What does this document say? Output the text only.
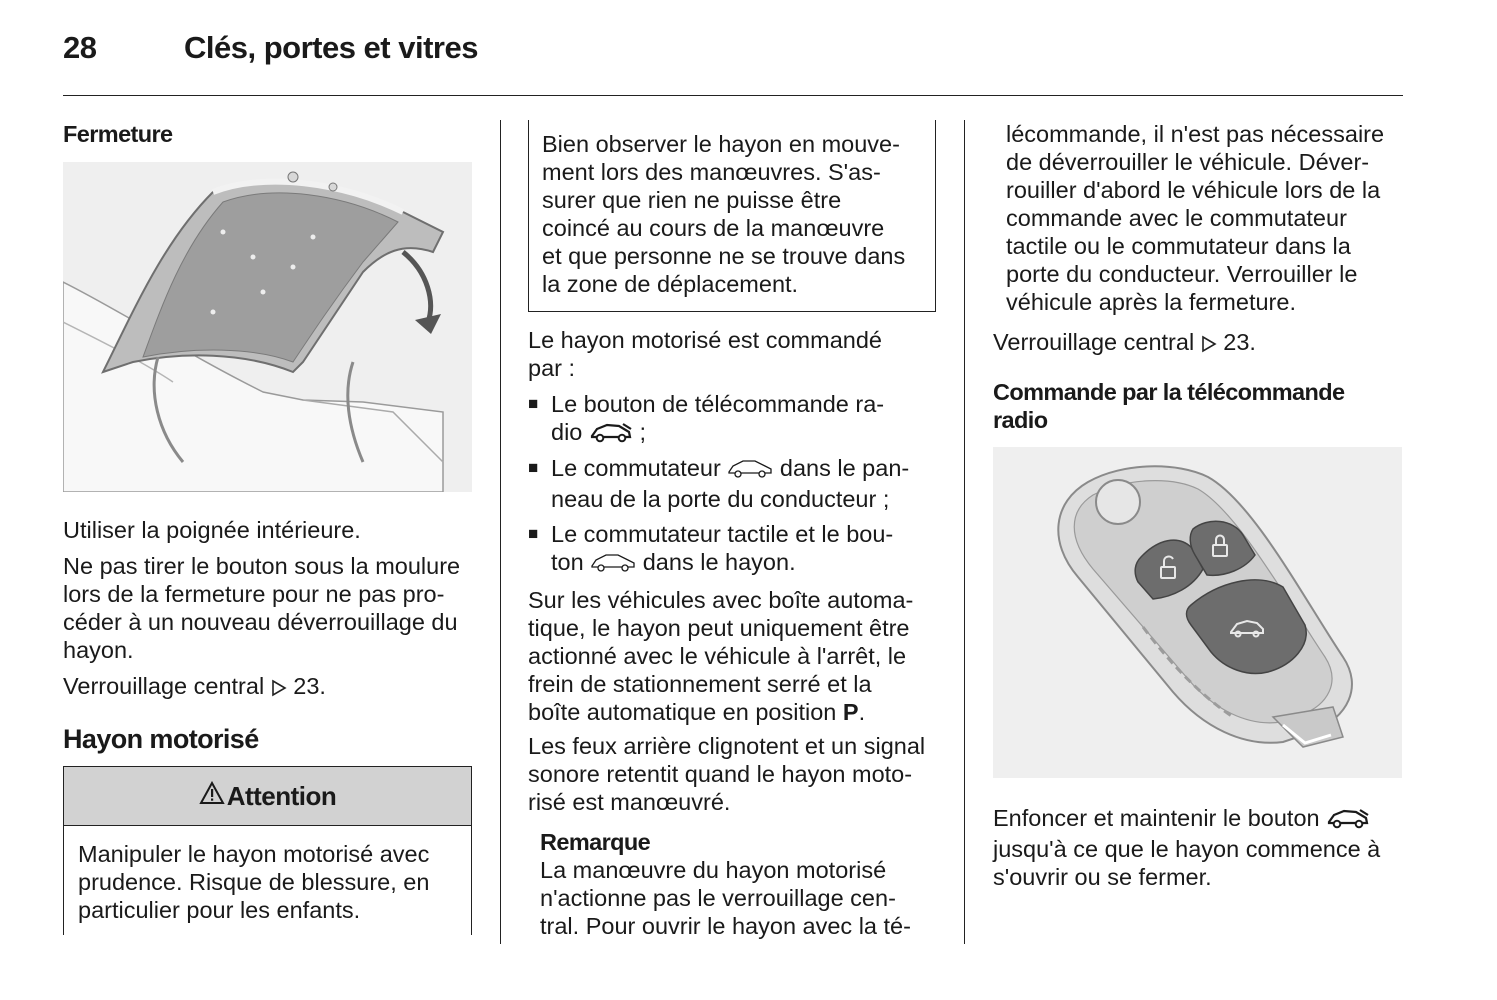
28	Clés, portes et vitres
Fermeture
Utiliser la poignée intérieure.
Ne pas tirer le bouton sous la moulure
lors de la fermeture pour ne pas pro-
céder à un nouveau déverrouillage du
hayon.
Verrouillage central 23.
Hayon motorisé
Attention
Manipuler le hayon motorisé avec
prudence. Risque de blessure, en
particulier pour les enfants.
Bien observer le hayon en mouve-
ment lors des manœuvres. S'as-
surer que rien ne puisse être
coincé au cours de la manœuvre
et que personne ne se trouve dans
la zone de déplacement.
Le hayon motorisé est commandé
par :
■ Le bouton de télécommande ra-
dio ;
■ Le commutateur	dans le pan-
neau de la porte du conducteur ;
■ Le commutateur tactile et le bou-
ton	dans le hayon.
Sur les véhicules avec boîte automa-
tique, le hayon peut uniquement être
actionné avec le véhicule à l'arrêt, le
frein de stationnement serré et la
boîte automatique en position P.
Les feux arrière clignotent et un signal
sonore retentit quand le hayon moto-
risé est manœuvré.
Remarque
La manœuvre du hayon motorisé
n'actionne pas le verrouillage cen-
tral. Pour ouvrir le hayon avec la té-
lécommande, il n'est pas nécessaire
de déverrouiller le véhicule. Déver-
rouiller d'abord le véhicule lors de la
commande avec le commutateur
tactile ou le commutateur dans la
porte du conducteur. Verrouiller le
véhicule après la fermeture.
Verrouillage central 23.
Commande par la télécommande
radio
Enfoncer et maintenir le bouton
jusqu'à ce que le hayon commence à
s'ouvrir ou se fermer.
